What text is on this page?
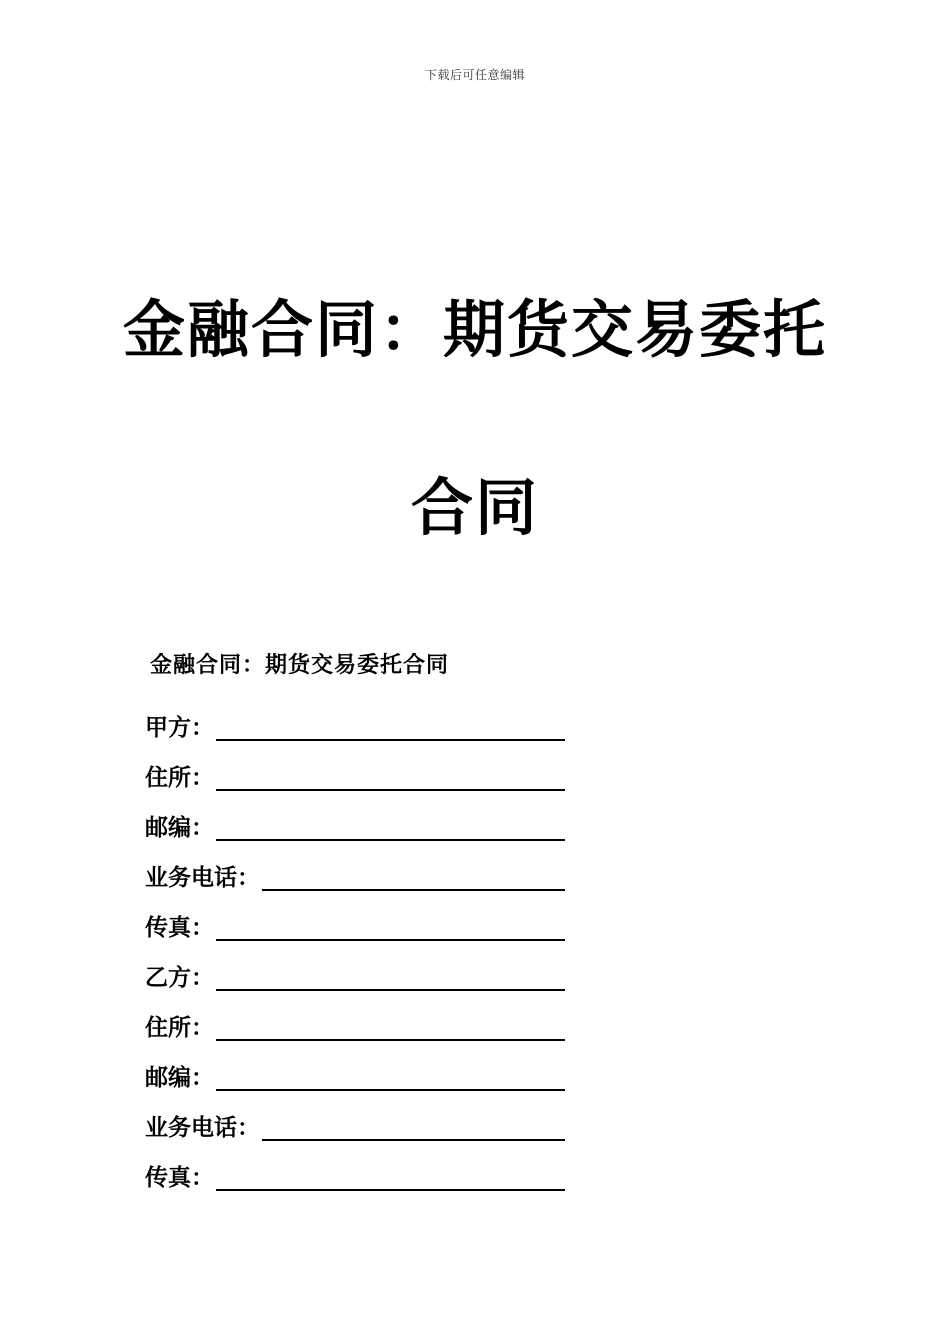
下载后可任意编辑
金融合同：期货交易委托
合同
金融合同：期货交易委托合同
甲方：
住所：
邮编：
业务电话：
传真：
乙方：
住所：
邮编：
业务电话：
传真：
